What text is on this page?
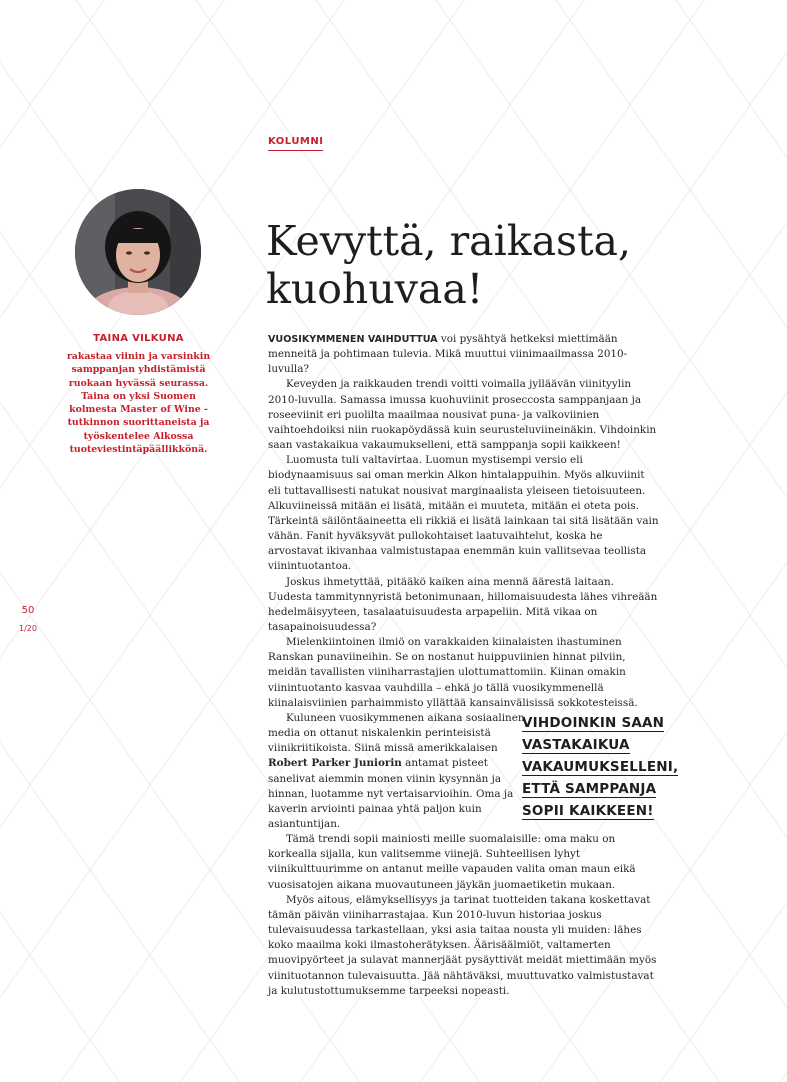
KOLUMNI
Kevyttä, raikasta, kuohuvaa!
TAINA VILKUNA
rakastaa viinin ja varsinkin samppanjan yhdistämistä ruokaan hyvässä seurassa. Taina on yksi Suomen kolmesta Master of Wine -tutkinnon suorittaneista ja työskentelee Alkossa tuoteviestintäpäällikkönä.
50
1/20

VUOSIKYMMENEN VAIHDUTTUA voi pysähtyä hetkeksi miettimään menneitä ja pohtimaan tulevia. Mikä muuttui viinimaailmassa 2010-luvulla?

Keveyden ja raikkauden trendi voitti voimalla jylläävän viinityylin 2010-luvulla. Samassa imussa kuohuviinit proseccosta samppanjaan ja roseeviinit eri puolilta maailmaa nousivat puna- ja valkoviinien vaihtoehdoiksi niin ruokapöydässä kuin seurusteluviineinäkin. Vihdoinkin saan vastakaikua vakaumukselleni, että samppanja sopii kaikkeen!

Luomusta tuli valtavirtaa. Luomun mystisempi versio eli biodynaamisuus sai oman merkin Alkon hintalappuihin. Myös alkuviinit eli tuttavallisesti natukat nousivat marginaalista yleiseen tietoisuuteen. Alkuviineissä mitään ei lisätä, mitään ei muuteta, mitään ei oteta pois. Tärkeintä säilöntäaineetta eli rikkiä ei lisätä lainkaan tai sitä lisätään vain vähän. Fanit hyväksyvät pullokohtaiset laatuvaihtelut, koska he arvostavat ikivanhaa valmistustapaa enemmän kuin vallitsevaa teollista viinintuotantoa.

Joskus ihmetyttää, pitääkö kaiken aina mennä äärestä laitaan. Uudesta tammitynnyristä betonimunaan, hillomaisuudesta lähes vihreään hedelmäisyyteen, tasalaatuisuudesta arpapeliin. Mitä vikaa on tasapainoisuudessa?

Mielenkiintoinen ilmiö on varakkaiden kiinalaisten ihastuminen Ranskan punaviineihin. Se on nostanut huippuviinien hinnat pilviin, meidän tavallisten viiniharrastajien ulottumattomiin. Kiinan omakin viinintuotanto kasvaa vauhdilla – ehkä jo tällä vuosikymmenellä kiinalaisviinien parhaimmisto yllättää kansainvälisissä sokkotesteissä.

Kuluneen vuosikymmenen aikana sosiaalinen media on ottanut niskalenkin perinteisistä viinikriitikoista. Siinä missä amerikkalaisen Robert Parker Juniorin antamat pisteet sanelivat aiemmin monen viinin kysynnän ja hinnan, luotamme nyt vertaisarvioihin. Oma ja kaverin arviointi painaa yhtä paljon kuin asiantuntijan.

Tämä trendi sopii mainiosti meille suomalaisille: oma maku on korkealla sijalla, kun valitsemme viinejä. Suhteellisen lyhyt viinikulttuurimme on antanut meille vapauden valita oman maun eikä vuosisatojen aikana muovautuneen jäykän juomaetiketin mukaan.

Myös aitous, elämyksellisyys ja tarinat tuotteiden takana koskettavat tämän päivän viiniharrastajaa. Kun 2010-luvun historiaa joskus tulevaisuudessa tarkastellaan, yksi asia taitaa nousta yli muiden: lähes koko maailma koki ilmastoherätyksen. Äärisäälmiöt, valtamerten muovipyörteet ja sulavat mannerjäät pysäyttivät meidät miettimään myös viinituotannon tulevaisuutta. Jää nähtäväksi, muuttuvatko valmistustavat ja kulutustottumuksemme tarpeeksi nopeasti.

VIHDOINKIN SAAN VASTAKAIKUA VAKAUMUKSELLENI, ETTÄ SAMPPANJA SOPII KAIKKEEN!
